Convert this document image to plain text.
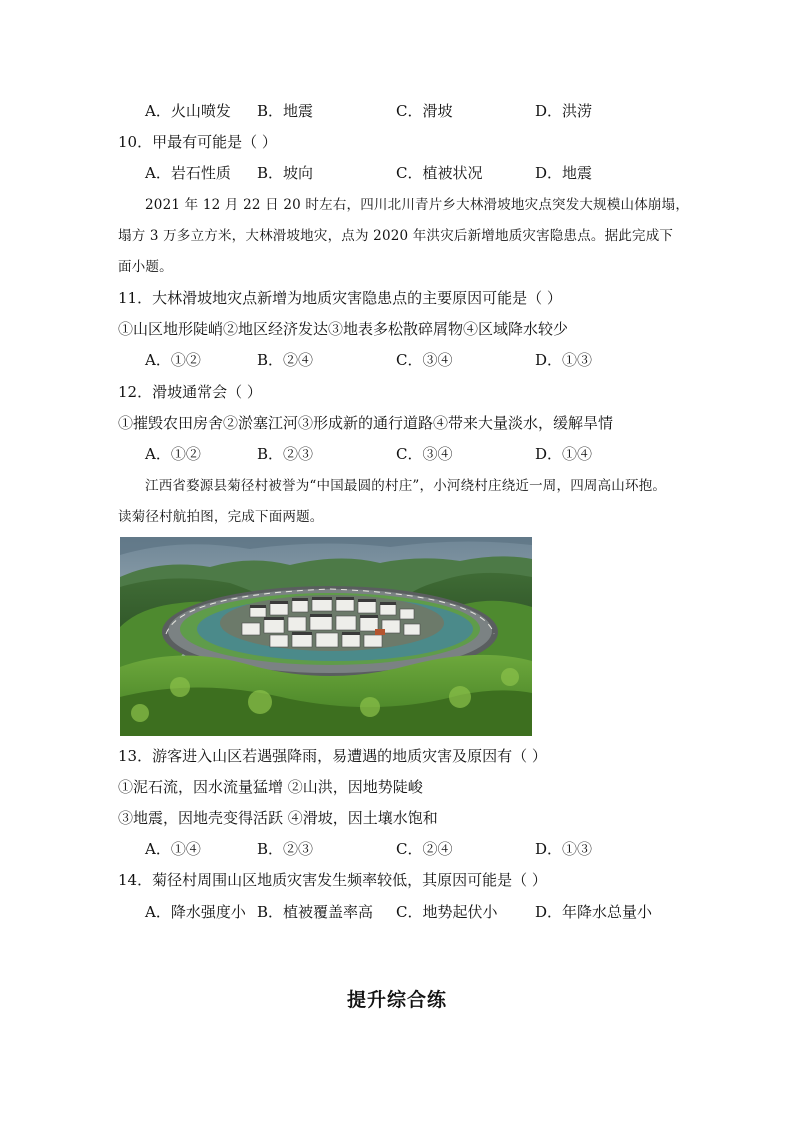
A．火山喷发 B．地震	C．滑坡	D．洪涝
10．甲最有可能是（ ）
A．岩石性质 B．坡向	C．植被状况	D．地震
2021 年 12 月 22 日 20 时左右，四川北川青片乡大林滑坡地灾点突发大规模山体崩塌，
塌方 3 万多立方米，大林滑坡地灾，点为 2020 年洪灾后新增地质灾害隐患点。据此完成下
面小题。
11．大林滑坡地灾点新增为地质灾害隐患点的主要原因可能是（ ）
①山区地形陡峭②地区经济发达③地表多松散碎屑物④区域降水较少
A．①②	B．②④	C．③④	D．①③
12．滑坡通常会（ ）
①摧毁农田房舍②淤塞江河③形成新的通行道路④带来大量淡水，缓解旱情
A．①②	B．②③	C．③④	D．①④
江西省婺源县菊径村被誉为“中国最圆的村庄”，小河绕村庄绕近一周，四周高山环抱。
读菊径村航拍图，完成下面两题。
13．游客进入山区若遇强降雨，易遭遇的地质灾害及原因有（ ）
①泥石流，因水流量猛增 ②山洪，因地势陡峻
③地震，因地壳变得活跃 ④滑坡，因土壤水饱和
A．①④	B．②③	C．②④	D．①③
14．菊径村周围山区地质灾害发生频率较低，其原因可能是（ ）
A．降水强度小 B．植被覆盖率高 C．地势起伏小	D．年降水总量小
提升综合练
